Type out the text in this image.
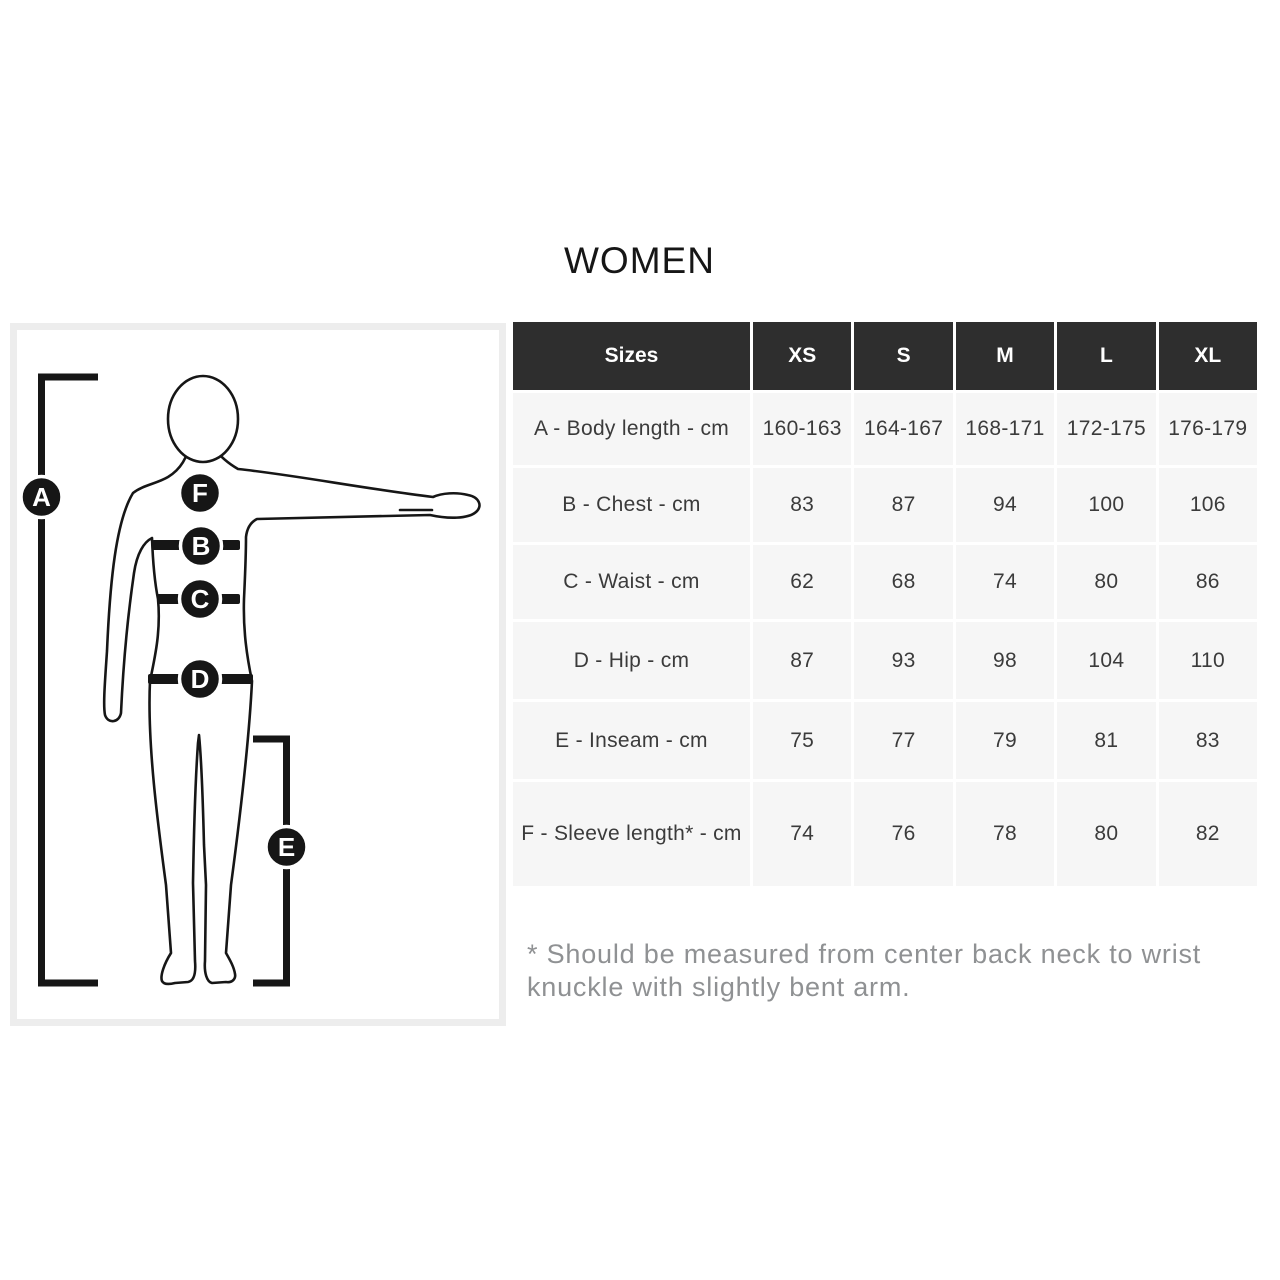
WOMEN
A	F
B
C
D
E
Sizes	XS	S	M	L	XL
A - Body length - cm	160-163	164-167	168-171	172-175	176-179
B - Chest - cm	83	87	94	100	106
C - Waist - cm	62	68	74	80	86
D - Hip - cm	87	93	98	104	110
E - Inseam - cm	75	77	79	81	83
F - Sleeve length* - cm	74	76	78	80	82

* Should be measured from center back neck to wrist knuckle with slightly bent arm.
